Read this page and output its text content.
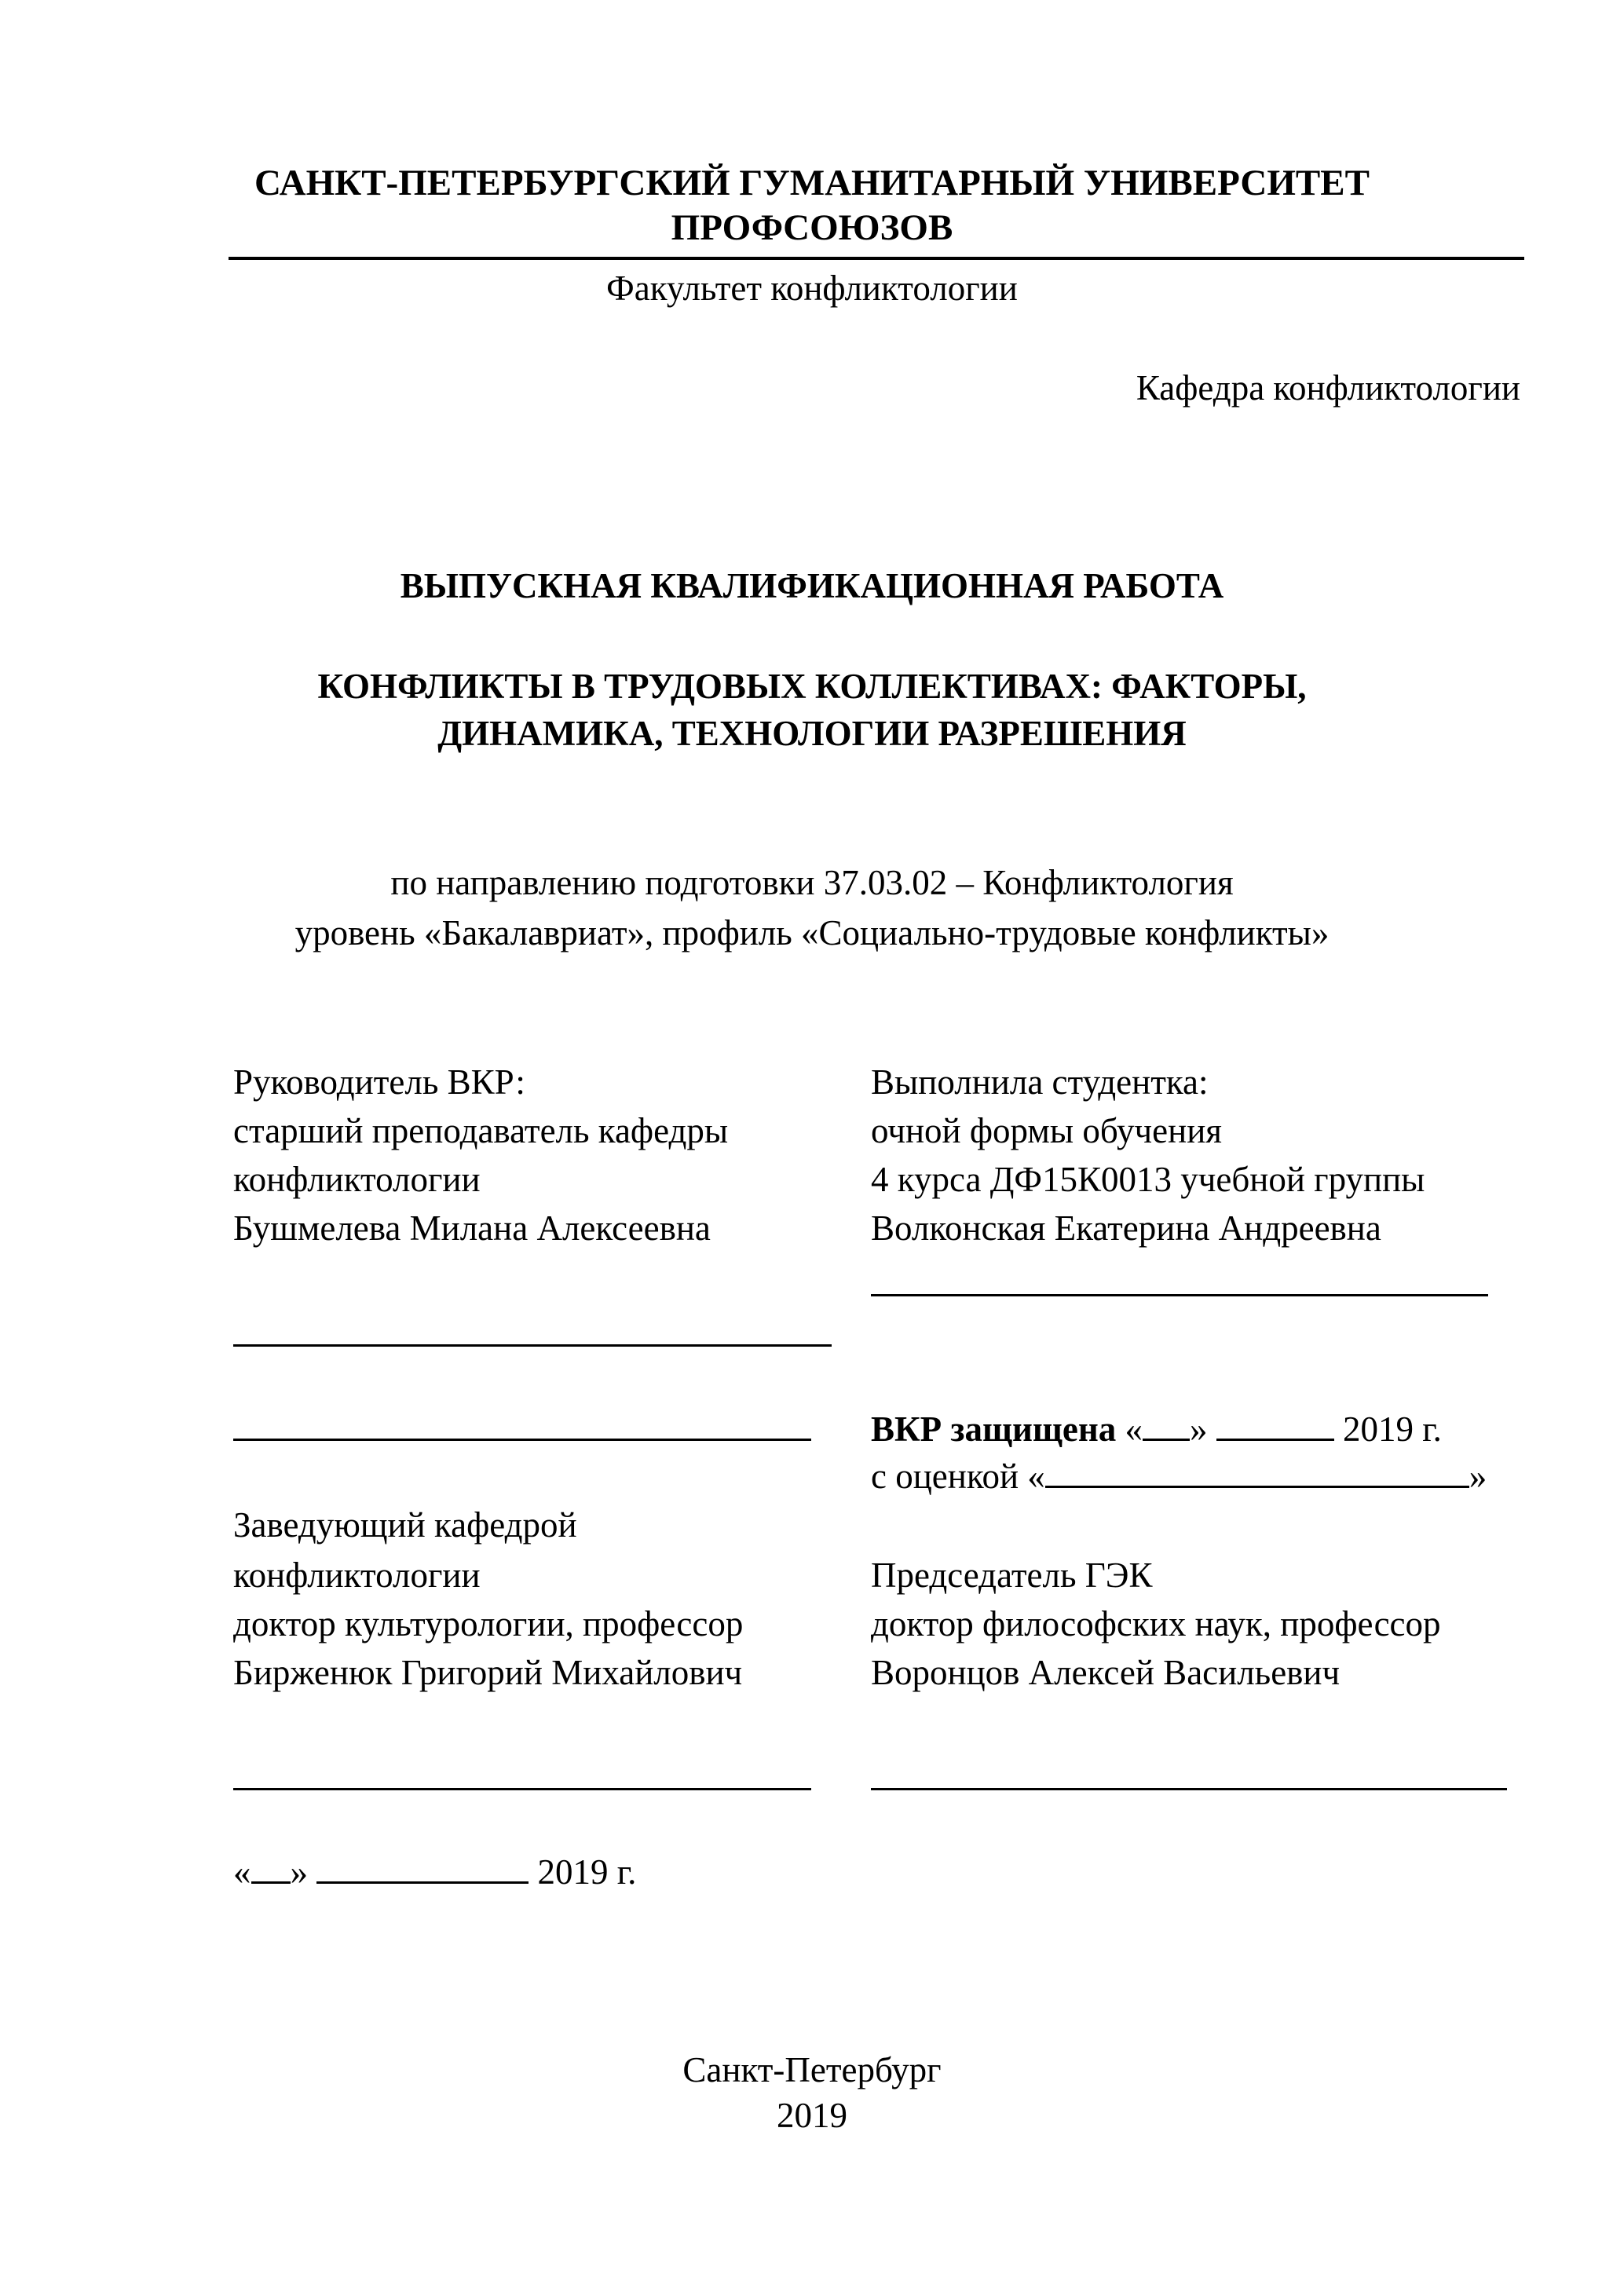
САНКТ-ПЕТЕРБУРГСКИЙ ГУМАНИТАРНЫЙ УНИВЕРСИТЕТ
ПРОФСОЮЗОВ
Факультет конфликтологии
Кафедра конфликтологии
ВЫПУСКНАЯ КВАЛИФИКАЦИОННАЯ РАБОТА
КОНФЛИКТЫ В ТРУДОВЫХ КОЛЛЕКТИВАХ: ФАКТОРЫ,
ДИНАМИКА, ТЕХНОЛОГИИ РАЗРЕШЕНИЯ
по направлению подготовки 37.03.02 – Конфликтология
уровень «Бакалавриат», профиль «Социально-трудовые конфликты»
Руководитель ВКР:
старший преподаватель кафедры
конфликтологии
Бушмелева Милана Алексеевна
Заведующий кафедрой
конфликтологии
доктор культурологии, профессор
Бирженюк Григорий Михайлович
« »	2019 г.
Выполнила студентка:
очной формы обучения
4 курса ДФ15К0013 учебной группы
Волконская Екатерина Андреевна
ВКР защищена « »	2019 г.
с оценкой «	»
Председатель ГЭК
доктор философских наук, профессор
Воронцов Алексей Васильевич
Санкт-Петербург
2019
